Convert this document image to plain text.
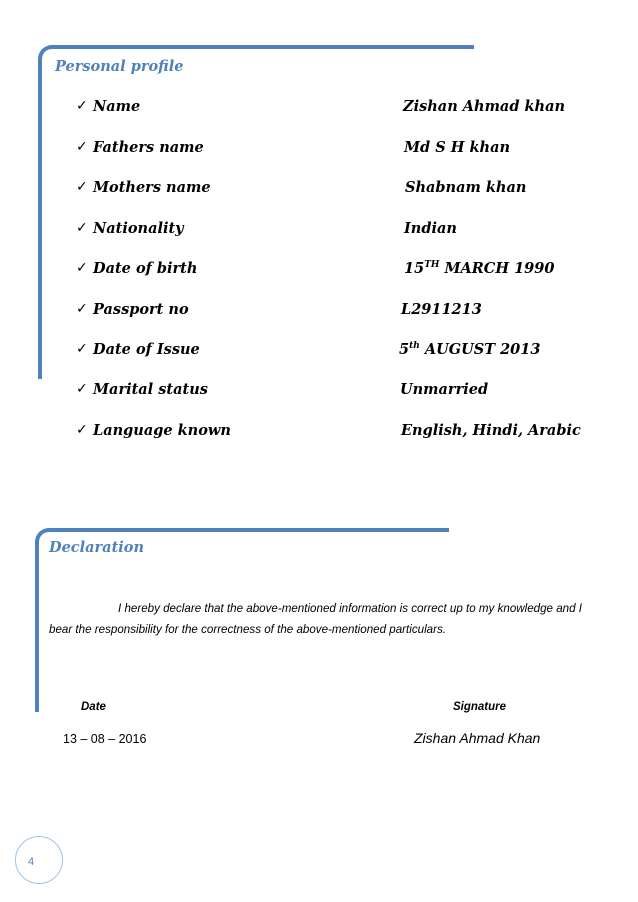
Personal profile
✓ Name	Zishan Ahmad khan
✓ Fathers name	Md S H khan
✓ Mothers name	Shabnam khan
✓ Nationality	Indian
✓ Date of birth	15TH MARCH 1990
✓ Passport no	L2911213
✓ Date of Issue	5th AUGUST 2013
✓ Marital status	Unmarried
✓ Language known	English, Hindi, Arabic
Declaration

I hereby declare that the above-mentioned information is correct up to my knowledge and I bear the responsibility for the correctness of the above-mentioned particulars.

Date	Signature
13 – 08 – 2016	Zishan Ahmad Khan
4
